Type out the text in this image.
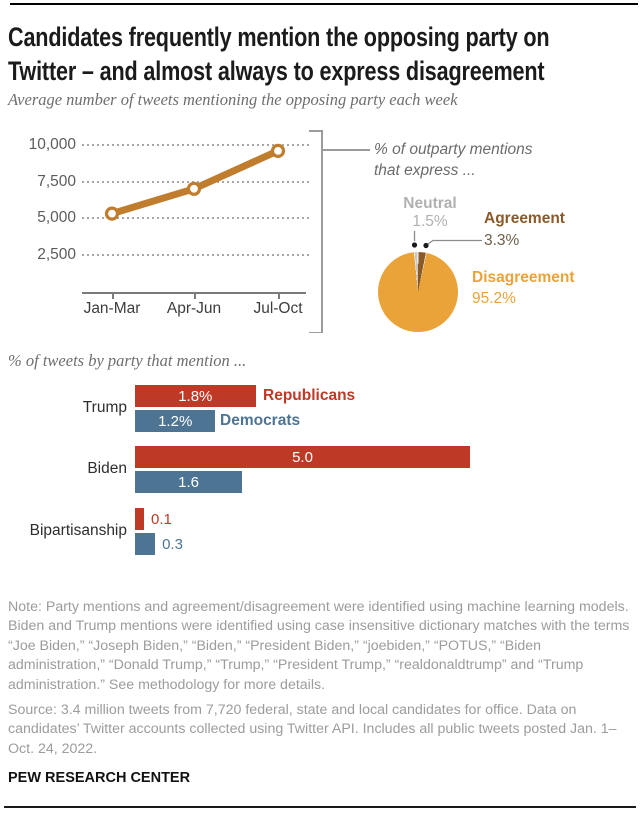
Candidates frequently mention the opposing party on
Twitter – and almost always to express disagreement

Average number of tweets mentioning the opposing party each week

10,000
7,500
5,000
2,500
Jan-Mar	Apr-Jun	Jul-Oct
% of outparty mentions
that express ...
Neutral
1.5%	Agreement
3.3%
Disagreement
95.2%

% of tweets by party that mention ...

Trump
Biden
Bipartisanship
Republicans
Democrats
1.8%
1.2%
5.0
1.6
0.1
0.3

Note: Party mentions and agreement/disagreement were identified using machine learning models. Biden and Trump mentions were identified using case insensitive dictionary matches with the terms “Joe Biden,” “Joseph Biden,” “Biden,” “President Biden,” “joebiden,” “POTUS,” “Biden administration,” “Donald Trump,” “Trump,” “President Trump,” “realdonaldtrump” and “Trump administration.” See methodology for more details.

Source: 3.4 million tweets from 7,720 federal, state and local candidates for office. Data on candidates’ Twitter accounts collected using Twitter API. Includes all public tweets posted Jan. 1–Oct. 24, 2022.

PEW RESEARCH CENTER
